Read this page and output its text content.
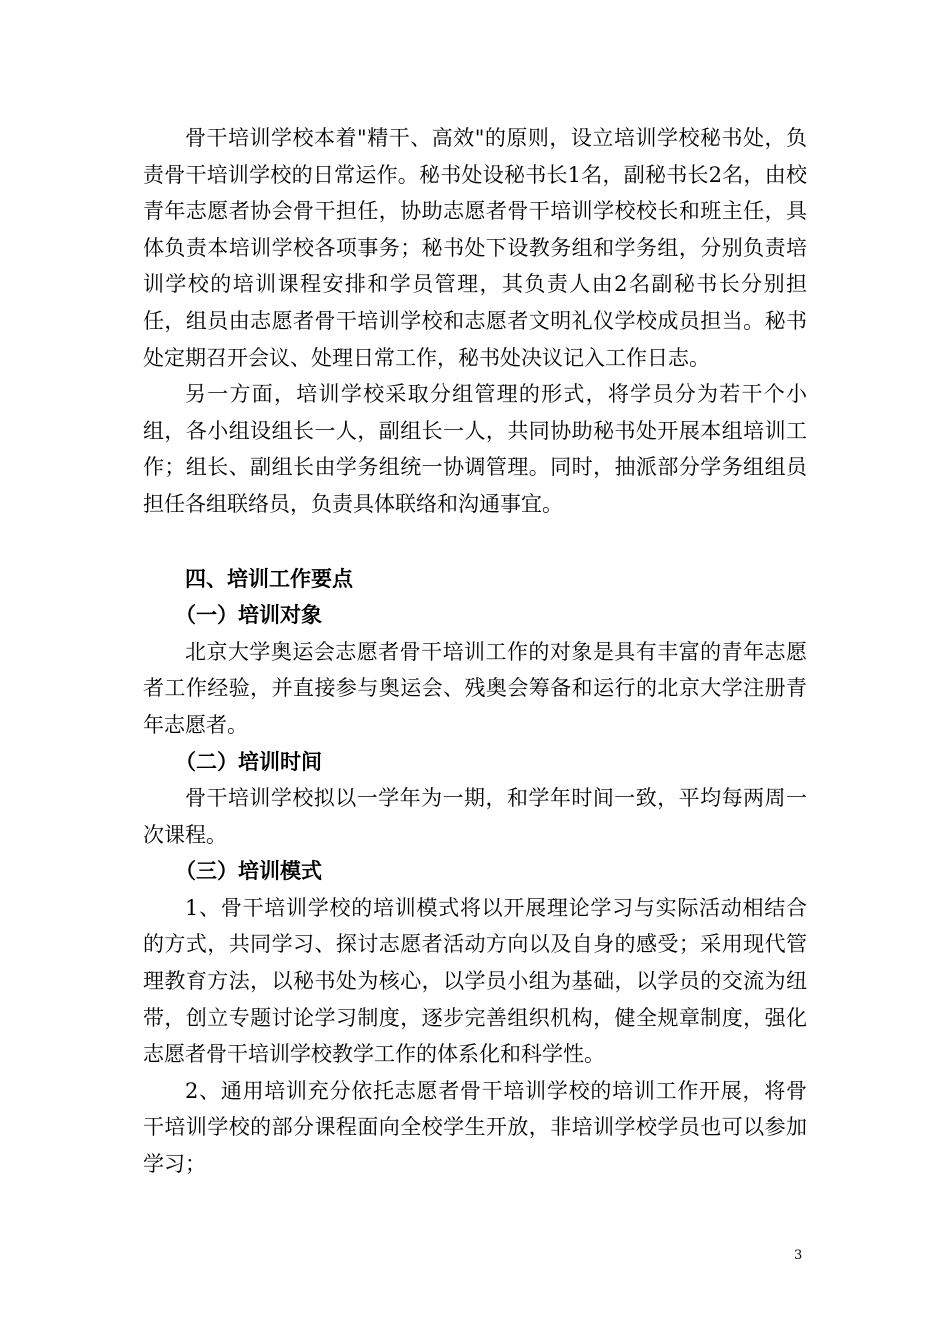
骨干培训学校本着"精干、高效"的原则，设立培训学校秘书处，负责骨干培训学校的日常运作。秘书处设秘书长1名，副秘书长2名，由校青年志愿者协会骨干担任，协助志愿者骨干培训学校校长和班主任，具体负责本培训学校各项事务；秘书处下设教务组和学务组，分别负责培训学校的培训课程安排和学员管理，其负责人由2名副秘书长分别担任，组员由志愿者骨干培训学校和志愿者文明礼仪学校成员担当。秘书处定期召开会议、处理日常工作，秘书处决议记入工作日志。

另一方面，培训学校采取分组管理的形式，将学员分为若干个小组，各小组设组长一人，副组长一人，共同协助秘书处开展本组培训工作；组长、副组长由学务组统一协调管理。同时，抽派部分学务组组员担任各组联络员，负责具体联络和沟通事宜。

四、培训工作要点

（一）培训对象

北京大学奥运会志愿者骨干培训工作的对象是具有丰富的青年志愿者工作经验，并直接参与奥运会、残奥会筹备和运行的北京大学注册青年志愿者。

（二）培训时间

骨干培训学校拟以一学年为一期，和学年时间一致，平均每两周一次课程。

（三）培训模式

1、骨干培训学校的培训模式将以开展理论学习与实际活动相结合的方式，共同学习、探讨志愿者活动方向以及自身的感受；采用现代管理教育方法，以秘书处为核心，以学员小组为基础，以学员的交流为纽带，创立专题讨论学习制度，逐步完善组织机构，健全规章制度，强化志愿者骨干培训学校教学工作的体系化和科学性。

2、通用培训充分依托志愿者骨干培训学校的培训工作开展，将骨干培训学校的部分课程面向全校学生开放，非培训学校学员也可以参加学习；

3
